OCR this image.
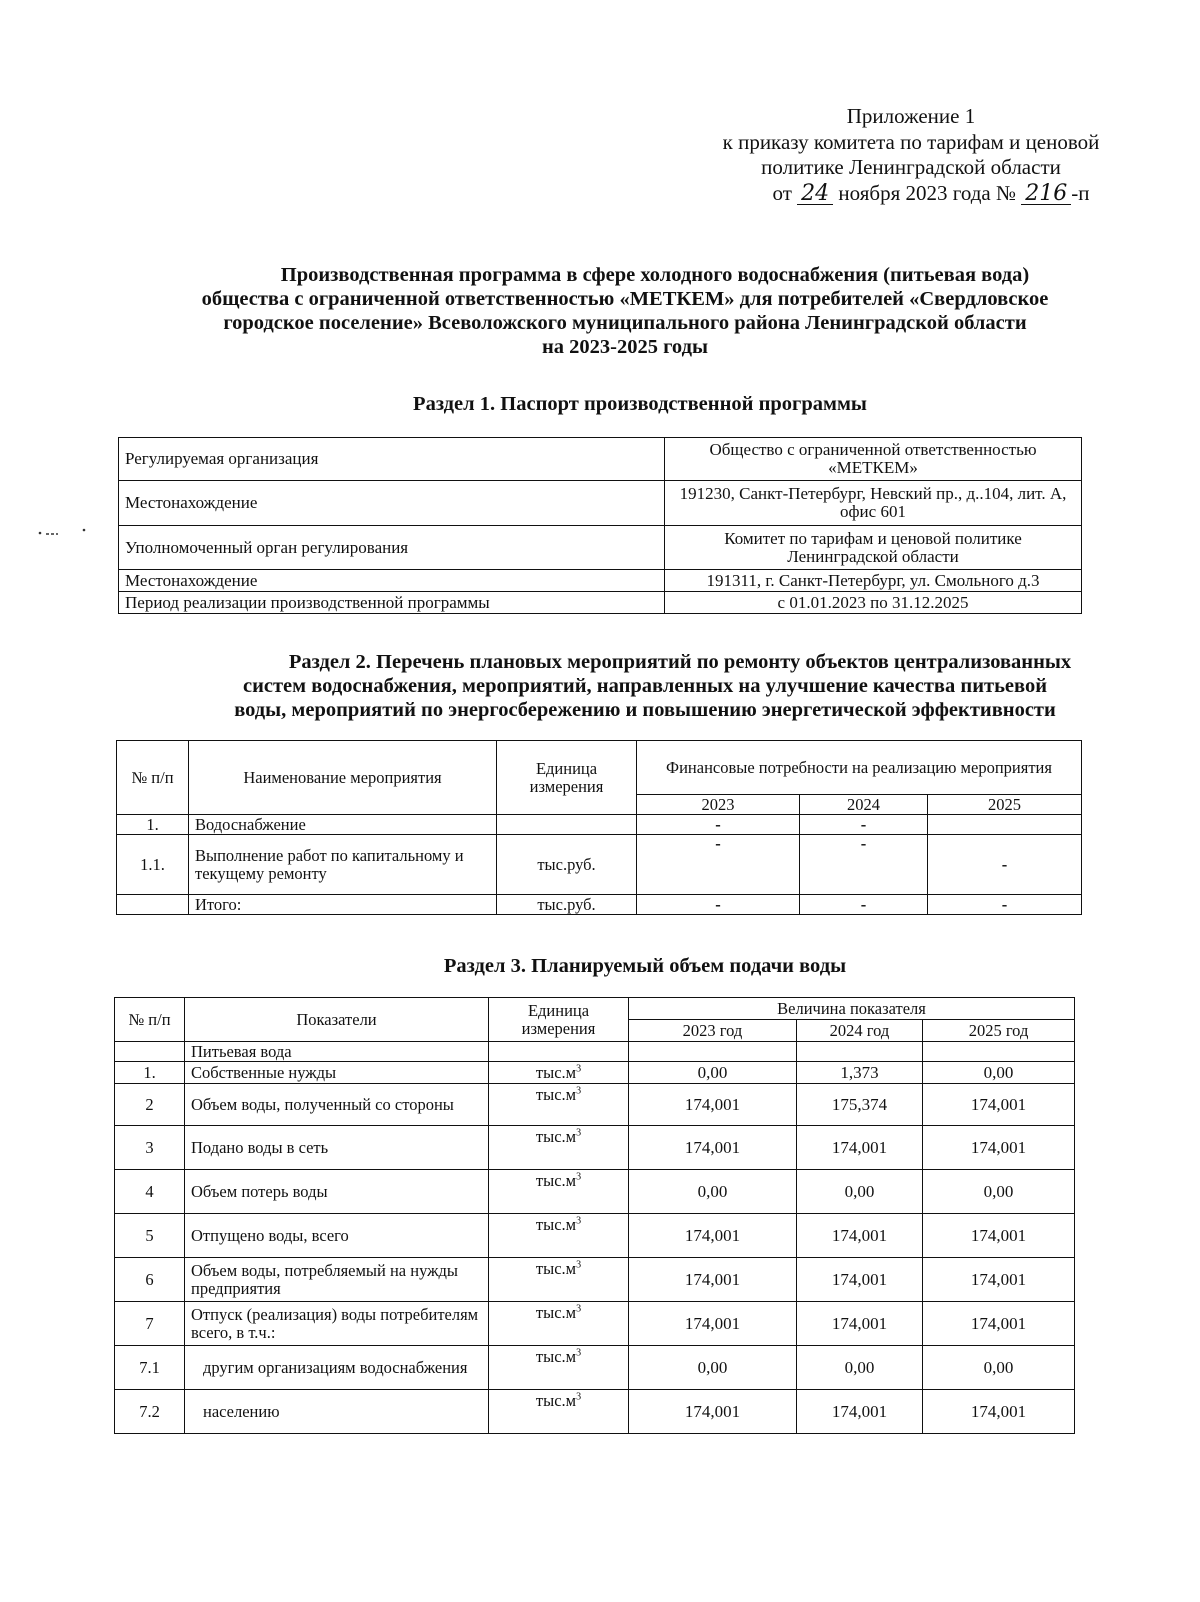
Приложение 1
к приказу комитета по тарифам и ценовой
политике Ленинградской области
от 24 ноября 2023 года № 216 -п
Производственная программа в сфере холодного водоснабжения (питьевая вода)
общества с ограниченной ответственностью «МЕТКЕМ» для потребителей «Свердловское
городское поселение» Всеволожского муниципального района Ленинградской области
на 2023-2025 годы
Раздел 1. Паспорт производственной программы
Регулируемая организация	Общество с ограниченной ответственностью «МЕТКЕМ»
Местонахождение	191230, Санкт-Петербург, Невский пр., д..104, лит. А, офис 601
Уполномоченный орган регулирования	Комитет по тарифам и ценовой политике Ленинградской области
Местонахождение	191311, г. Санкт-Петербург, ул. Смольного д.3
Период реализации производственной программы	с 01.01.2023 по 31.12.2025
Раздел 2. Перечень плановых мероприятий по ремонту объектов централизованных
систем водоснабжения, мероприятий, направленных на улучшение качества питьевой
воды, мероприятий по энергосбережению и повышению энергетической эффективности
№ п/п	Наименование мероприятия	Единица измерения	Финансовые потребности на реализацию мероприятия		
			2023	2024	2025
1.	Водоснабжение		-	-	
1.1.	Выполнение работ по капитальному и текущему ремонту	тыс.руб.	-	-	-
	Итого:	тыс.руб.	-	-	-
Раздел 3. Планируемый объем подачи воды
№ п/п	Показатели	Единица измерения	Величина показателя		
			2023 год	2024 год	2025 год
	Питьевая вода				
1.	Собственные нужды	$тыс.м^3$	0,00	1,373	0,00
2	Объем воды, полученный со стороны	$тыс.м^3$	174,001	175,374	174,001
3	Подано воды в сеть	$тыс.м^3$	174,001	174,001	174,001
4	Объем потерь воды	$тыс.м^3$	0,00	0,00	0,00
5	Отпущено воды, всего	$тыс.м^3$	174,001	174,001	174,001
6	Объем воды, потребляемый на нужды предприятия	$тыс.м^3$	174,001	174,001	174,001
7	Отпуск (реализация) воды потребителям всего, в т.ч.:	$тыс.м^3$	174,001	174,001	174,001
7.1	другим организациям водоснабжения	$тыс.м^3$	0,00	0,00	0,00
7.2	населению	$тыс.м^3$	174,001	174,001	174,001
